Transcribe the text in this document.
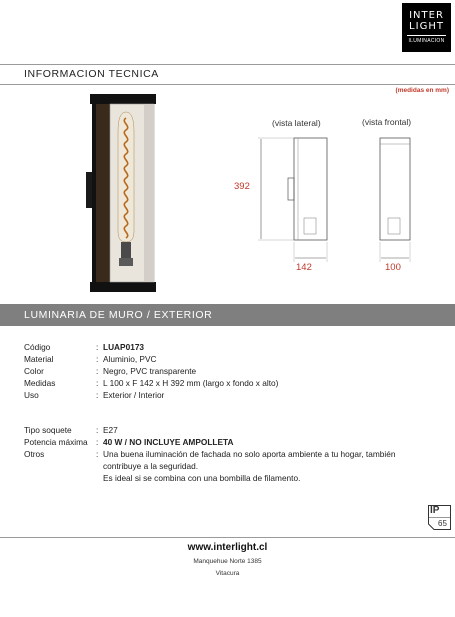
INTER
LIGHT
ILUMINACION
INFORMACION TECNICA
(medidas en mm)
(vista lateral)	(vista frontal)
392
142	100
LUMINARIA DE MURO / EXTERIOR
Código	: LUAP0173
Material	: Aluminio, PVC
Color	: Negro, PVC transparente
Medidas	: L 100 x F 142 x H 392 mm (largo x fondo x alto)
Uso	: Exterior / Interior
Tipo soquete	: E27
Potencia máxima	: 40 W / NO INCLUYE AMPOLLETA
Otros	: Una buena iluminación de fachada no solo aporta ambiente a tu hogar, también
contribuye a la seguridad.
Es ideal si se combina con una bombilla de filamento.
IP
65
www.interlight.cl
Manquehue Norte 1385
Vitacura
